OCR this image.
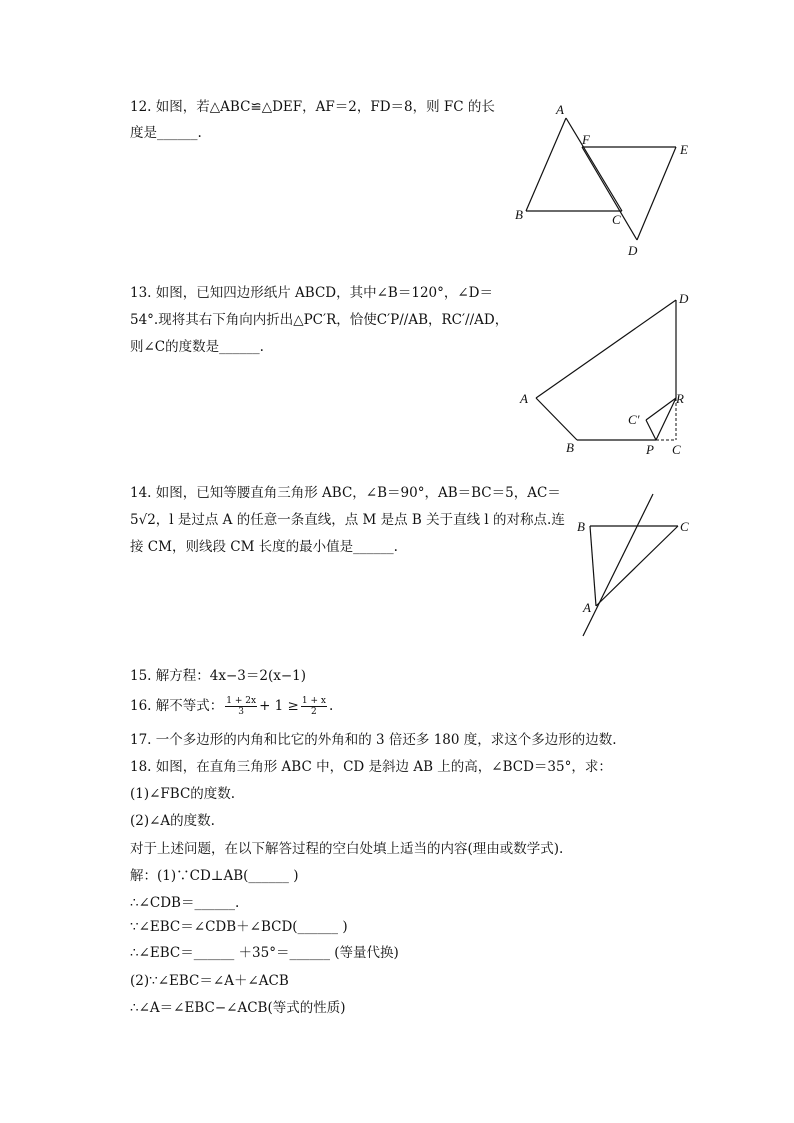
12. 如图，若△ABC≌△DEF，AF＝2，FD＝8，则 FC 的长
度是______.
A
F
E
B	C
D
13. 如图，已知四边形纸片 ABCD，其中∠B＝120°，∠D＝
54°.现将其右下角向内折出△PC′R，恰使C′P//AB，RC′//AD，
则∠C的度数是______.
D
A	R
C′
B	P C
14. 如图，已知等腰直角三角形 ABC，∠B＝90°，AB＝BC＝5，AC＝
5√2，l 是过点 A 的任意一条直线，点 M 是点 B 关于直线 l 的对称点.连
接 CM，则线段 CM 长度的最小值是______.
B	C
A
15. 解方程：4x−3＝2(x−1)
16. 解不等式： $\frac{1 + 2x}{3} + 1 \ge \frac{1 + x}{2}$ .
17. 一个多边形的内角和比它的外角和的 3 倍还多 180 度，求这个多边形的边数.
18. 如图，在直角三角形 ABC 中，CD 是斜边 AB 上的高，∠BCD＝35°，求：
(1)∠FBC的度数.
(2)∠A的度数.
对于上述问题，在以下解答过程的空白处填上适当的内容(理由或数学式).
解：(1)∵CD⊥AB(______ )
∴∠CDB＝______.
∵∠EBC＝∠CDB＋∠BCD(______ )
∴∠EBC＝______ ＋35°＝______ (等量代换)
(2)∵∠EBC＝∠A＋∠ACB
∴∠A＝∠EBC−∠ACB(等式的性质)
